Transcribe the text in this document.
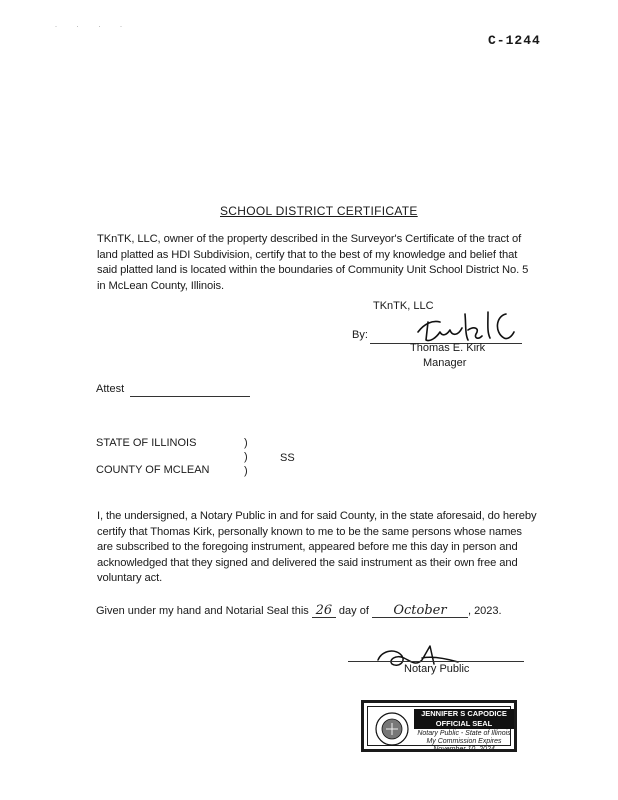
· · · ·
C-1244
SCHOOL DISTRICT CERTIFICATE
TKnTK, LLC, owner of the property described in the Surveyor's Certificate of the tract of land platted as HDI Subdivision, certify that to the best of my knowledge and belief that said platted land is located within the boundaries of Community Unit School District No. 5 in McLean County, Illinois.
TKnTK, LLC
By:
Thomas E. Kirk
Manager
Attest
STATE OF ILLINOIS
COUNTY OF MCLEAN
)
)
)
SS
I, the undersigned, a Notary Public in and for said County, in the state aforesaid, do hereby certify that Thomas Kirk, personally known to me to be the same persons whose names are subscribed to the foregoing instrument, appeared before me this day in person and acknowledged that they signed and delivered the said instrument as their own free and voluntary act.
Given under my hand and Notarial Seal this 26 day of October , 2023.
Notary Public
JENNIFER S CAPODICE
OFFICIAL SEAL
Notary Public - State of Illinois
My Commission Expires
November 10, 2024
